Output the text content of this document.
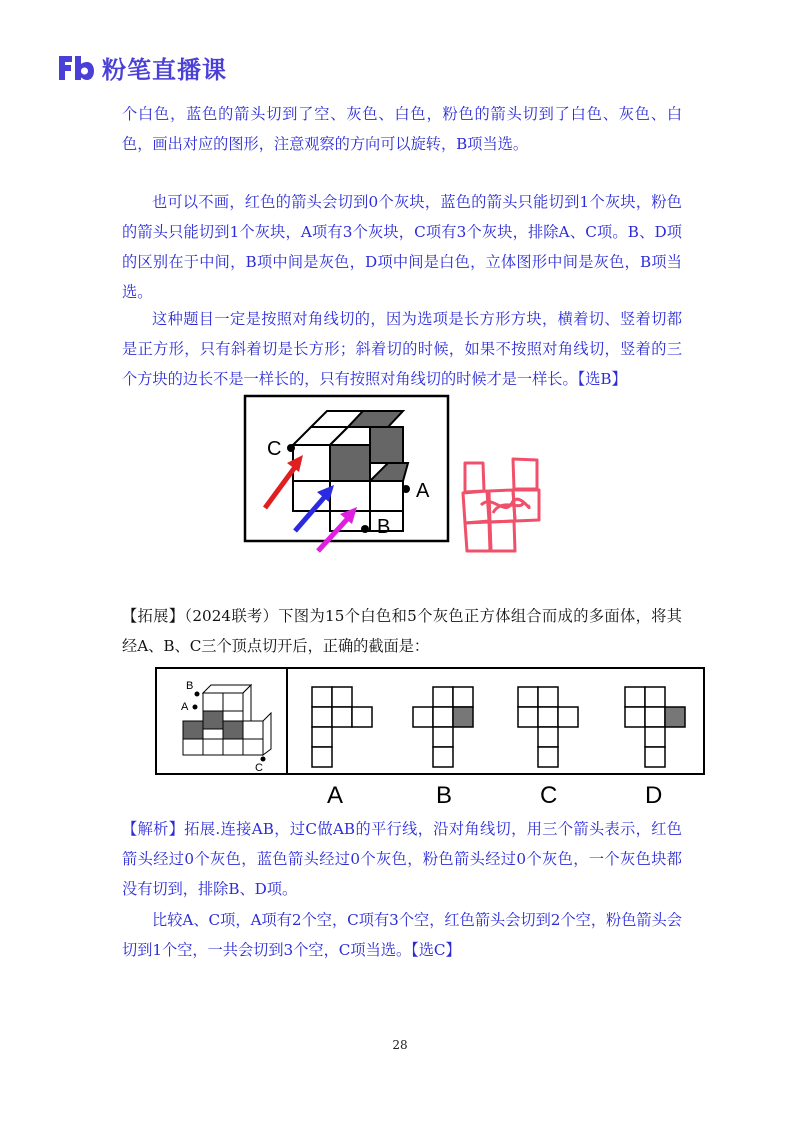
粉笔直播课

个白色，蓝色的箭头切到了空、灰色、白色，粉色的箭头切到了白色、灰色、白色，画出对应的图形，注意观察的方向可以旋转，B项当选。

也可以不画，红色的箭头会切到0个灰块，蓝色的箭头只能切到1个灰块，粉色的箭头只能切到1个灰块，A项有3个灰块，C项有3个灰块，排除A、C项。B、D项的区别在于中间，B项中间是灰色，D项中间是白色，立体图形中间是灰色，B项当选。

这种题目一定是按照对角线切的，因为选项是长方形方块，横着切、竖着切都是正方形，只有斜着切是长方形；斜着切的时候，如果不按照对角线切，竖着的三个方块的边长不是一样长的，只有按照对角线切的时候才是一样长。【选B】

C
A
B

【拓展】（2024联考）下图为15个白色和5个灰色正方体组合而成的多面体，将其经A、B、C三个顶点切开后，正确的截面是：

B
A
C
A	B	C	D

【解析】拓展.连接AB，过C做AB的平行线，沿对角线切，用三个箭头表示，红色箭头经过0个灰色，蓝色箭头经过0个灰色，粉色箭头经过0个灰色，一个灰色块都没有切到，排除B、D项。

比较A、C项，A项有2个空，C项有3个空，红色箭头会切到2个空，粉色箭头会切到1个空，一共会切到3个空，C项当选。【选C】

28
